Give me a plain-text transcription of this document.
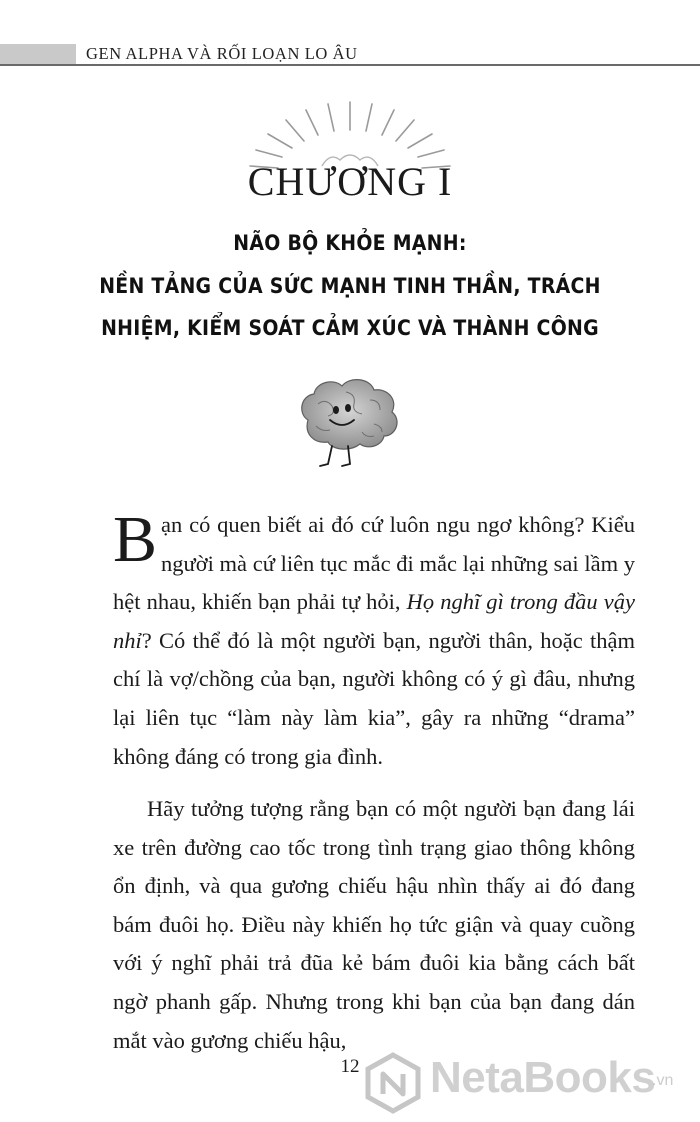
GEN ALPHA VÀ RỐI LOẠN LO ÂU
CHƯƠNG I
NÃO BỘ KHỎE MẠNH:
NỀN TẢNG CỦA SỨC MẠNH TINH THẦN, TRÁCH
NHIỆM, KIỂM SOÁT CẢM XÚC VÀ THÀNH CÔNG
Bạn có quen biết ai đó cứ luôn ngu ngơ không? Kiểu người mà cứ liên tục mắc đi mắc lại những sai lầm y hệt nhau, khiến bạn phải tự hỏi, Họ nghĩ gì trong đầu vậy nhỉ? Có thể đó là một người bạn, người thân, hoặc thậm chí là vợ/chồng của bạn, người không có ý gì đâu, nhưng lại liên tục “làm này làm kia”, gây ra những “drama” không đáng có trong gia đình.
Hãy tưởng tượng rằng bạn có một người bạn đang lái xe trên đường cao tốc trong tình trạng giao thông không ổn định, và qua gương chiếu hậu nhìn thấy ai đó đang bám đuôi họ. Điều này khiến họ tức giận và quay cuồng với ý nghĩ phải trả đũa kẻ bám đuôi kia bằng cách bất ngờ phanh gấp. Nhưng trong khi bạn của bạn đang dán mắt vào gương chiếu hậu,
12	NetaBooks
.vn
